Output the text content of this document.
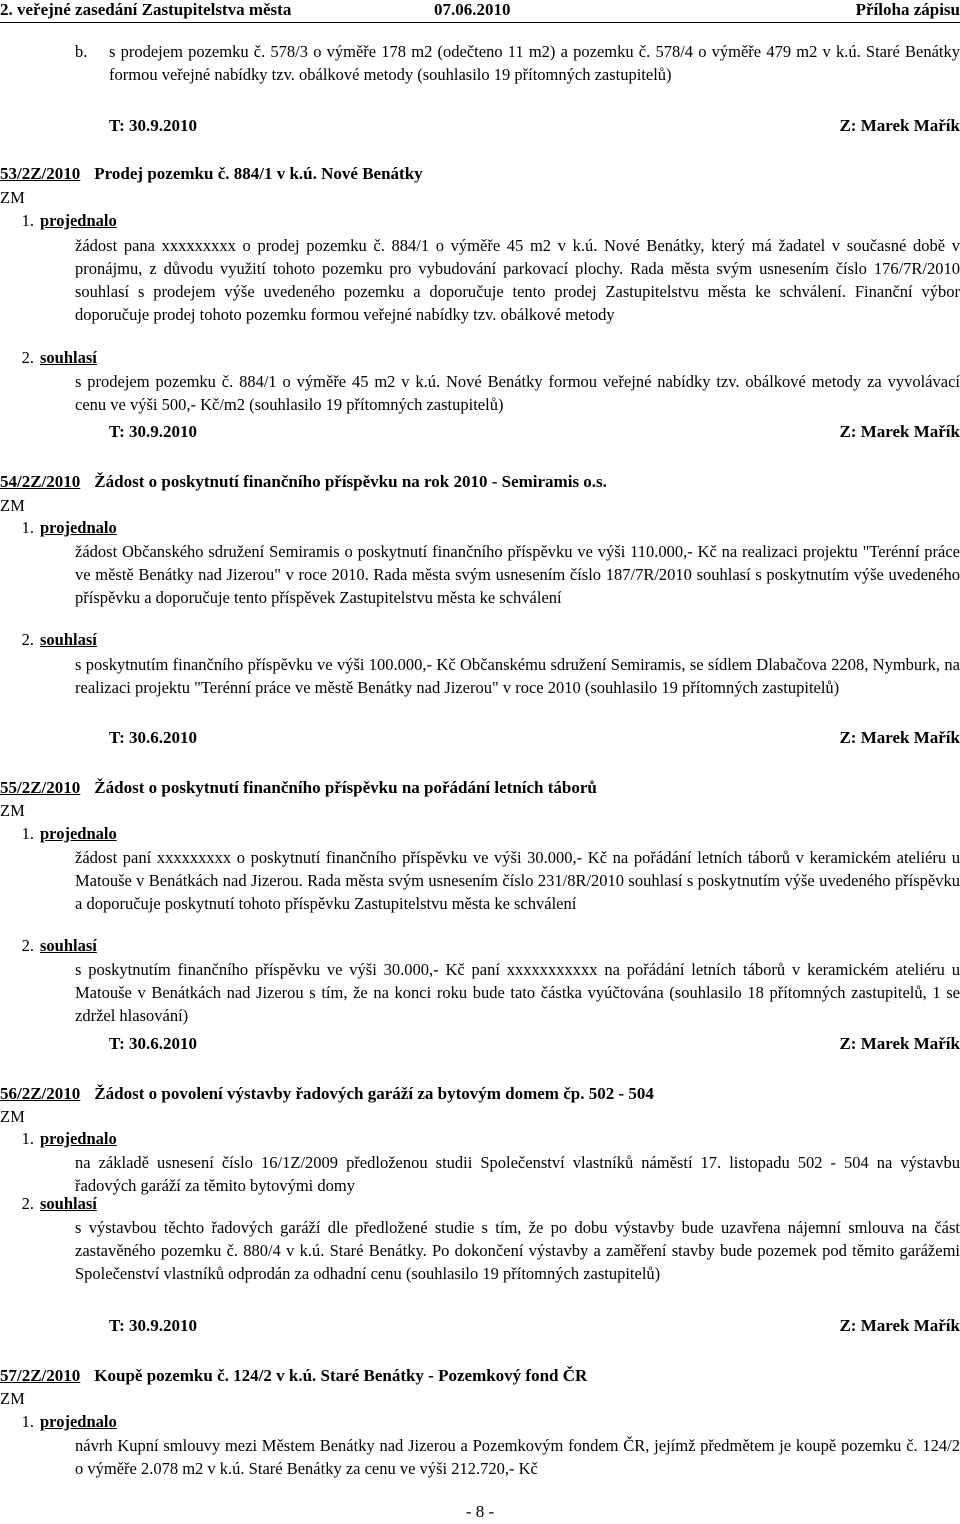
2. veřejné zasedání Zastupitelstva města	07.06.2010	Příloha zápisu
b.	s prodejem pozemku č. 578/3 o výměře 178 m2 (odečteno 11 m2) a pozemku č. 578/4 o výměře 479 m2 v k.ú. Staré Benátky formou veřejné nabídky tzv. obálkové metody (souhlasilo 19 přítomných zastupitelů)
T: 30.9.2010	Z: Marek Mařík
53/2Z/2010 Prodej pozemku č. 884/1 v k.ú. Nové Benátky
ZM
1. projednalo
žádost pana xxxxxxxxx o prodej pozemku č. 884/1 o výměře 45 m2 v k.ú. Nové Benátky, který má žadatel v současné době v pronájmu, z důvodu využití tohoto pozemku pro vybudování parkovací plochy. Rada města svým usnesením číslo 176/7R/2010 souhlasí s prodejem výše uvedeného pozemku a doporučuje tento prodej Zastupitelstvu města ke schválení. Finanční výbor doporučuje prodej tohoto pozemku formou veřejné nabídky tzv. obálkové metody
2. souhlasí
s prodejem pozemku č. 884/1 o výměře 45 m2 v k.ú. Nové Benátky formou veřejné nabídky tzv. obálkové metody za vyvolávací cenu ve výši 500,- Kč/m2 (souhlasilo 19 přítomných zastupitelů)
T: 30.9.2010	Z: Marek Mařík
54/2Z/2010 Žádost o poskytnutí finančního příspěvku na rok 2010 - Semiramis o.s.
ZM
1. projednalo
žádost Občanského sdružení Semiramis o poskytnutí finančního příspěvku ve výši 110.000,- Kč na realizaci projektu "Terénní práce ve městě Benátky nad Jizerou" v roce 2010. Rada města svým usnesením číslo 187/7R/2010 souhlasí s poskytnutím výše uvedeného příspěvku a doporučuje tento příspěvek Zastupitelstvu města ke schválení
2. souhlasí
s poskytnutím finančního příspěvku ve výši 100.000,- Kč Občanskému sdružení Semiramis, se sídlem Dlabačova 2208, Nymburk, na realizaci projektu "Terénní práce ve městě Benátky nad Jizerou" v roce 2010 (souhlasilo 19 přítomných zastupitelů)
T: 30.6.2010	Z: Marek Mařík
55/2Z/2010 Žádost o poskytnutí finančního příspěvku na pořádání letních táborů
ZM
1. projednalo
žádost paní xxxxxxxxx o poskytnutí finančního příspěvku ve výši 30.000,- Kč na pořádání letních táborů v keramickém ateliéru u Matouše v Benátkách nad Jizerou. Rada města svým usnesením číslo 231/8R/2010 souhlasí s poskytnutím výše uvedeného příspěvku a doporučuje poskytnutí tohoto příspěvku Zastupitelstvu města ke schválení
2. souhlasí
s poskytnutím finančního příspěvku ve výši 30.000,- Kč paní xxxxxxxxxxx na pořádání letních táborů v keramickém ateliéru u Matouše v Benátkách nad Jizerou s tím, že na konci roku bude tato částka vyúčtována (souhlasilo 18 přítomných zastupitelů, 1 se zdržel hlasování)
T: 30.6.2010	Z: Marek Mařík
56/2Z/2010 Žádost o povolení výstavby řadových garáží za bytovým domem čp. 502 - 504
ZM
1. projednalo
na základě usnesení číslo 16/1Z/2009 předloženou studii Společenství vlastníků náměstí 17. listopadu 502 - 504 na výstavbu řadových garáží za těmito bytovými domy
2. souhlasí
s výstavbou těchto řadových garáží dle předložené studie s tím, že po dobu výstavby bude uzavřena nájemní smlouva na část zastavěného pozemku č. 880/4 v k.ú. Staré Benátky. Po dokončení výstavby a zaměření stavby bude pozemek pod těmito garážemi Společenství vlastníků odprodán za odhadní cenu (souhlasilo 19 přítomných zastupitelů)
T: 30.9.2010	Z: Marek Mařík
57/2Z/2010 Koupě pozemku č. 124/2 v k.ú. Staré Benátky - Pozemkový fond ČR
ZM
1. projednalo
návrh Kupní smlouvy mezi Městem Benátky nad Jizerou a Pozemkovým fondem ČR, jejímž předmětem je koupě pozemku č. 124/2 o výměře 2.078 m2 v k.ú. Staré Benátky za cenu ve výši 212.720,- Kč
- 8 -
